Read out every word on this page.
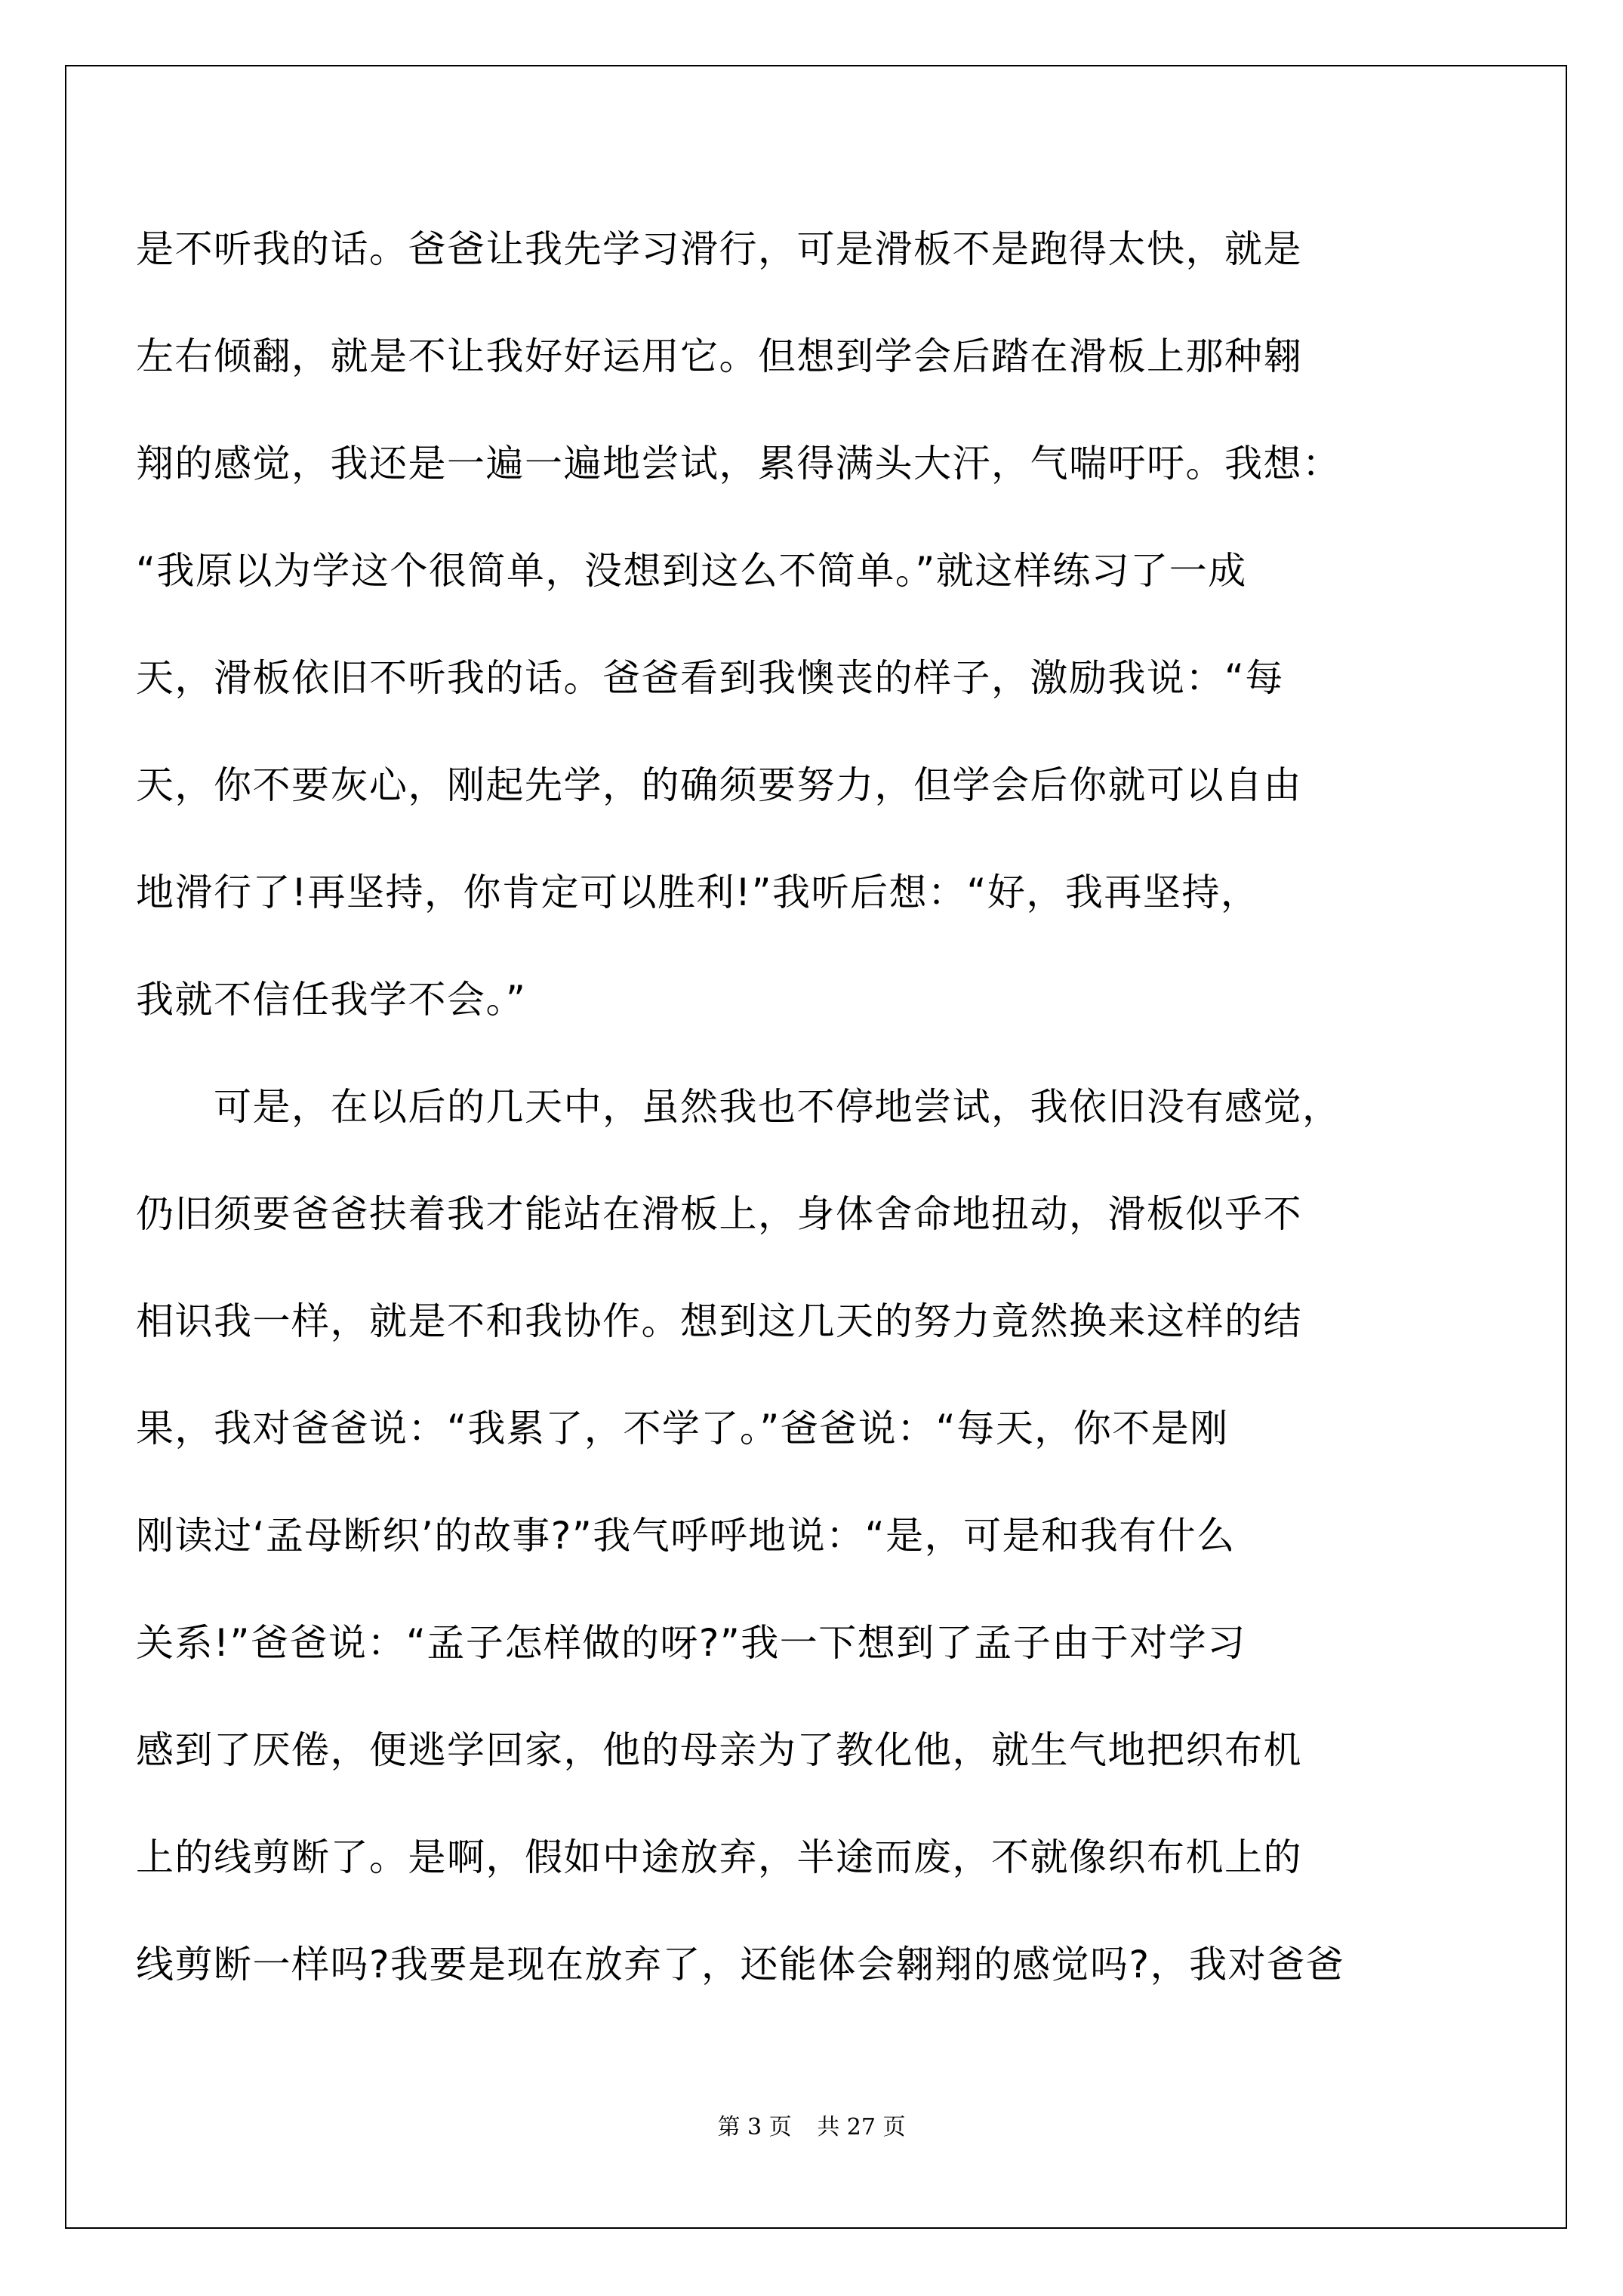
是不听我的话。爸爸让我先学习滑行，可是滑板不是跑得太快，就是
左右倾翻，就是不让我好好运用它。但想到学会后踏在滑板上那种翱
翔的感觉，我还是一遍一遍地尝试，累得满头大汗，气喘吁吁。我想：
“我原以为学这个很简单，没想到这么不简单。”就这样练习了一成
天，滑板依旧不听我的话。爸爸看到我懊丧的样子，激励我说：“每
天，你不要灰心，刚起先学，的确须要努力，但学会后你就可以自由
地滑行了!再坚持，你肯定可以胜利!”我听后想：“好，我再坚持，
我就不信任我学不会。”
　　可是，在以后的几天中，虽然我也不停地尝试，我依旧没有感觉，
仍旧须要爸爸扶着我才能站在滑板上，身体舍命地扭动，滑板似乎不
相识我一样，就是不和我协作。想到这几天的努力竟然换来这样的结
果，我对爸爸说：“我累了，不学了。”爸爸说：“每天，你不是刚
刚读过‘孟母断织’的故事?”我气呼呼地说：“是，可是和我有什么
关系!”爸爸说：“孟子怎样做的呀?”我一下想到了孟子由于对学习
感到了厌倦，便逃学回家，他的母亲为了教化他，就生气地把织布机
上的线剪断了。是啊，假如中途放弃，半途而废，不就像织布机上的
线剪断一样吗?我要是现在放弃了，还能体会翱翔的感觉吗?，我对爸爸
第 3 页 共 27 页
